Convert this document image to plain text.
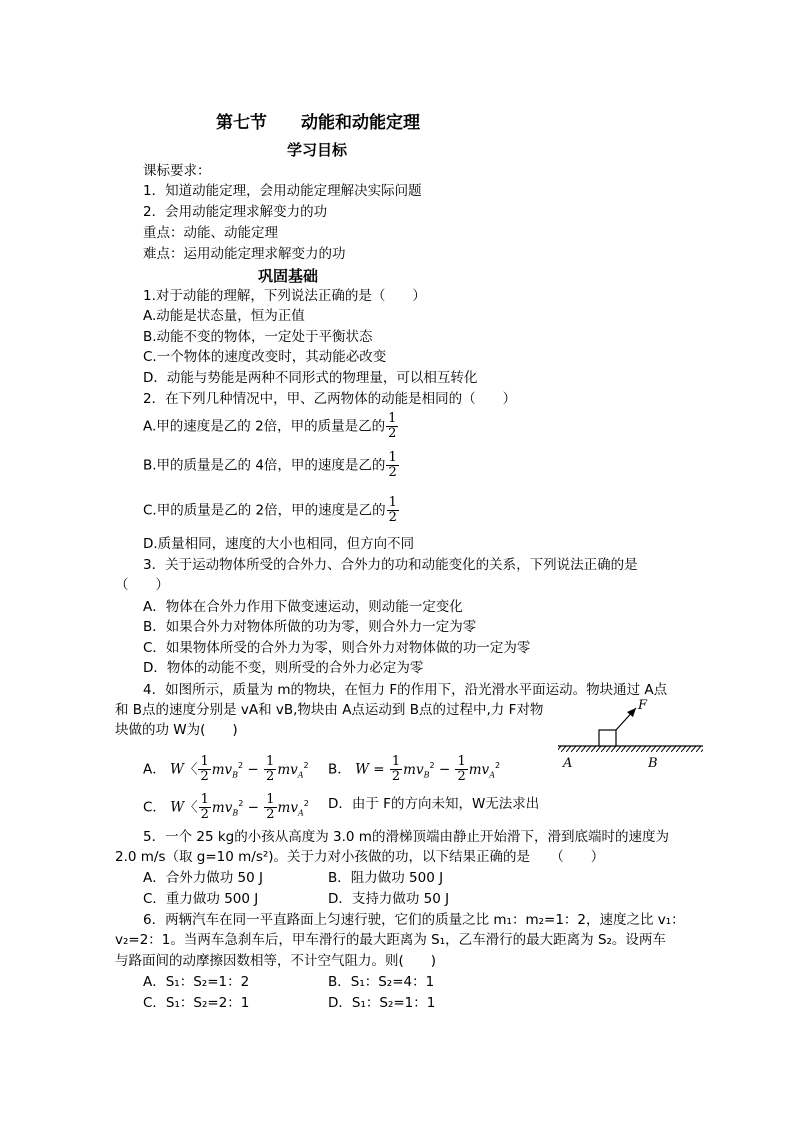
第七节　　动能和动能定理
学习目标
课标要求：
1．知道动能定理，会用动能定理解决实际问题
2．会用动能定理求解变力的功
重点：动能、动能定理
难点：运用动能定理求解变力的功
巩固基础
1.对于动能的理解，下列说法正确的是（　　）
A.动能是状态量，恒为正值
B.动能不变的物体，一定处于平衡状态
C.一个物体的速度改变时，其动能必改变
D．动能与势能是两种不同形式的物理量，可以相互转化
2．在下列几种情况中，甲、乙两物体的动能是相同的（　　）
A.甲的速度是乙的 2倍，甲的质量是乙的 $\frac{1}{2}$
B.甲的质量是乙的 4倍，甲的速度是乙的 $\frac{1}{2}$
C.甲的质量是乙的 2倍，甲的速度是乙的 $\frac{1}{2}$
D.质量相同，速度的大小也相同，但方向不同
3．关于运动物体所受的合外力、合外力的功和动能变化的关系，下列说法正确的是
（　　）
A．物体在合外力作用下做变速运动，则动能一定变化
B．如果合外力对物体所做的功为零，则合外力一定为零
C．如果物体所受的合外力为零，则合外力对物体做的功一定为零
D．物体的动能不变，则所受的合外力必定为零
4．如图所示，质量为 m的物块，在恒力 F的作用下，沿光滑水平面运动。物块通过 A点
和 B点的速度分别是 vA和 vB,物块由 A点运动到 B点的过程中,力 F对物
块做的功 W为(　　)
A． W〈 $\frac{1}{2} mv_B^2 - \frac{1}{2} mv_A^2$ B． $W = \frac{1}{2} mv_B^2 - \frac{1}{2} mv_A^2$
C． W〈 $\frac{1}{2} mv_B^2 - \frac{1}{2} mv_A^2$ D．由于 F的方向未知，W无法求出
F
A	B
5．一个 25 kg的小孩从高度为 3.0 m的滑梯顶端由静止开始滑下，滑到底端时的速度为
2.0 m/s（取 g=10 m/s²)。关于力对小孩做的功，以下结果正确的是　　（　　）
A．合外力做功 50 J	B．阻力做功 500 J
C．重力做功 500 J	D．支持力做功 50 J
6．两辆汽车在同一平直路面上匀速行驶，它们的质量之比 m₁：m₂=1：2，速度之比 v₁：
v₂=2：1。当两车急刹车后，甲车滑行的最大距离为 S₁，乙车滑行的最大距离为 S₂。设两车
与路面间的动摩擦因数相等，不计空气阻力。则(　　)
A．S₁：S₂=1：2	B．S₁：S₂=4：1
C．S₁：S₂=2：1	D．S₁：S₂=1：1
